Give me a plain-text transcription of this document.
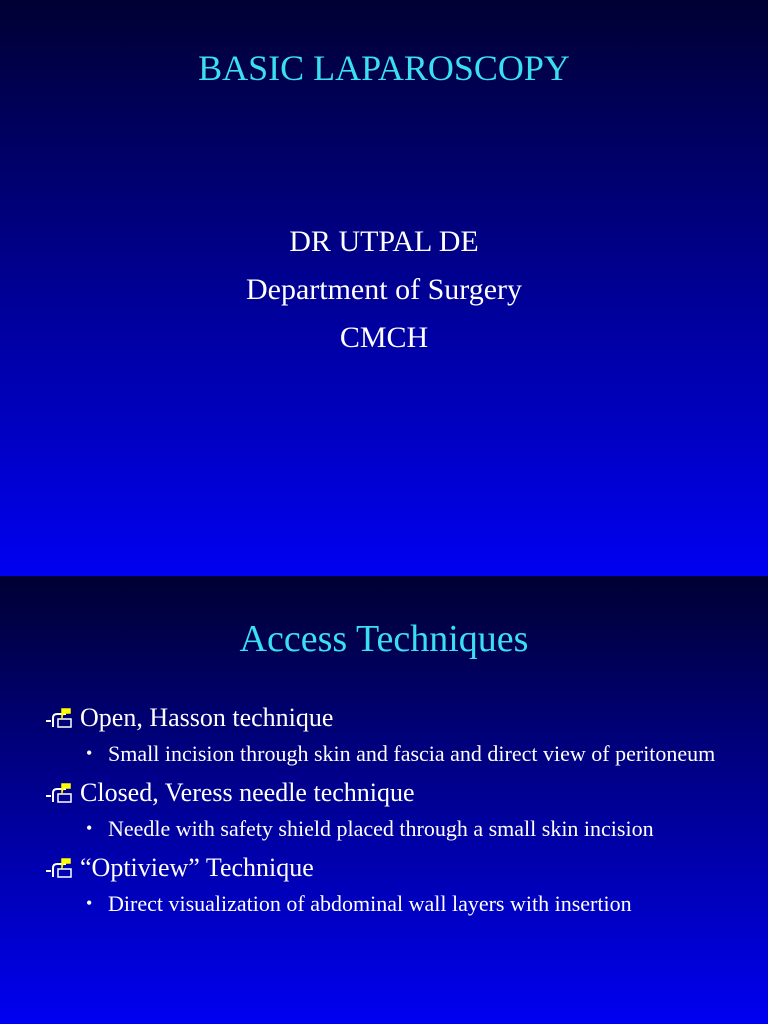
BASIC LAPAROSCOPY
DR UTPAL DE
Department of Surgery
CMCH
Access Techniques
Open, Hasson technique
• Small incision through skin and fascia and direct view of peritoneum
Closed, Veress needle technique
• Needle with safety shield placed through a small skin incision
“Optiview” Technique
• Direct visualization of abdominal wall layers with insertion
